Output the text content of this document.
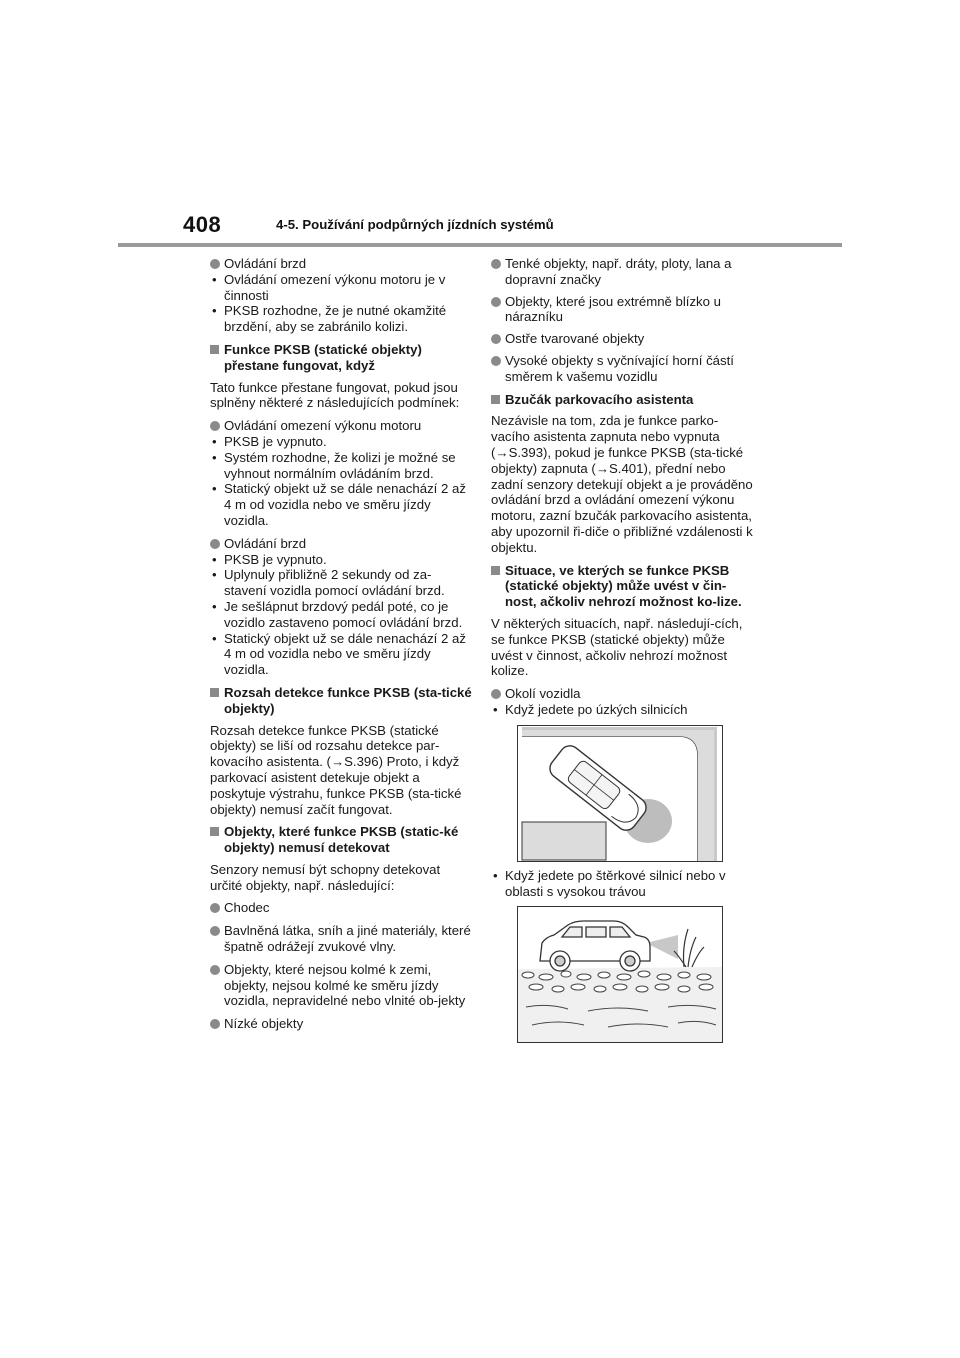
408	4-5. Používání podpůrných jízdních systémů
Ovládání brzd
• Ovládání omezení výkonu motoru je v činnosti
• PKSB rozhodne, že je nutné okamžité brzdění, aby se zabránilo kolizi.
Funkce PKSB (statické objekty) přestane fungovat, když
Tato funkce přestane fungovat, pokud jsou splněny některé z následujících podmínek:
Ovládání omezení výkonu motoru
• PKSB je vypnuto.
• Systém rozhodne, že kolizi je možné se vyhnout normálním ovládáním brzd.
• Statický objekt už se dále nenachází 2 až 4 m od vozidla nebo ve směru jízdy vozidla.
Ovládání brzd
• PKSB je vypnuto.
• Uplynuly přibližně 2 sekundy od za-stavení vozidla pomocí ovládání brzd.
• Je sešlápnut brzdový pedál poté, co je vozidlo zastaveno pomocí ovládání brzd.
• Statický objekt už se dále nenachází 2 až 4 m od vozidla nebo ve směru jízdy vozidla.
Rozsah detekce funkce PKSB (sta-tické objekty)
Rozsah detekce funkce PKSB (statické objekty) se liší od rozsahu detekce par-kovacího asistenta. (→S.396) Proto, i když parkovací asistent detekuje objekt a poskytuje výstrahu, funkce PKSB (sta-tické objekty) nemusí začít fungovat.
Objekty, které funkce PKSB (static-ké objekty) nemusí detekovat
Senzory nemusí být schopny detekovat určité objekty, např. následující:
Chodec
Bavlněná látka, sníh a jiné materiály, které špatně odrážejí zvukové vlny.
Objekty, které nejsou kolmé k zemi, objekty, nejsou kolmé ke směru jízdy vozidla, nepravidelné nebo vlnité ob-jekty
Nízké objekty
Tenké objekty, např. dráty, ploty, lana a dopravní značky
Objekty, které jsou extrémně blízko u nárazníku
Ostře tvarované objekty
Vysoké objekty s vyčnívající horní částí směrem k vašemu vozidlu
Bzučák parkovacího asistenta
Nezávisle na tom, zda je funkce parko-vacího asistenta zapnuta nebo vypnuta (→S.393), pokud je funkce PKSB (sta-tické objekty) zapnuta (→S.401), přední nebo zadní senzory detekují objekt a je prováděno ovládání brzd a ovládání omezení výkonu motoru, zazní bzučák parkovacího asistenta, aby upozornil ři-diče o přibližné vzdálenosti k objektu.
Situace, ve kterých se funkce PKSB (statické objekty) může uvést v čin-nost, ačkoliv nehrozí možnost ko-lize.
V některých situacích, např. následují-cích, se funkce PKSB (statické objekty) může uvést v činnost, ačkoliv nehrozí možnost kolize.
Okolí vozidla
• Když jedete po úzkých silnicích
• Když jedete po štěrkové silnicí nebo v oblasti s vysokou trávou
